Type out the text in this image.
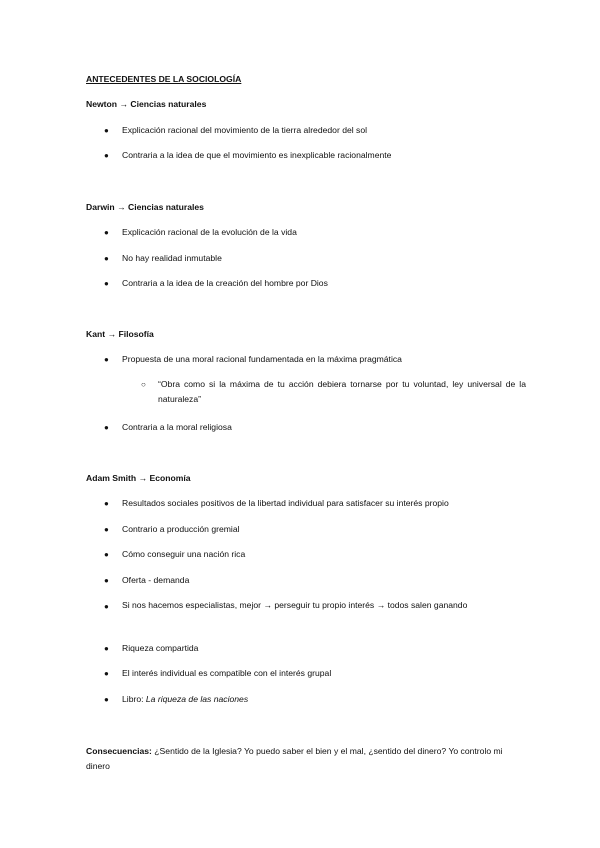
ANTECEDENTES DE LA SOCIOLOGÍA
Newton → Ciencias naturales
● Explicación racional del movimiento de la tierra alrededor del sol
● Contraria a la idea de que el movimiento es inexplicable racionalmente
Darwin → Ciencias naturales
● Explicación racional de la evolución de la vida
● No hay realidad inmutable
● Contraria a la idea de la creación del hombre por Dios
Kant → Filosofía
● Propuesta de una moral racional fundamentada en la máxima pragmática
○ “Obra como si la máxima de tu acción debiera tornarse por tu voluntad, ley universal de la naturaleza”
● Contraria a la moral religiosa
Adam Smith → Economía
● Resultados sociales positivos de la libertad individual para satisfacer su interés propio
● Contrario a producción gremial
● Cómo conseguir una nación rica
● Oferta - demanda
● Si nos hacemos especialistas, mejor → perseguir tu propio interés → todos salen ganando
● Riqueza compartida
● El interés individual es compatible con el interés grupal
● Libro: La riqueza de las naciones
Consecuencias: ¿Sentido de la Iglesia? Yo puedo saber el bien y el mal, ¿sentido del dinero? Yo controlo mi dinero
